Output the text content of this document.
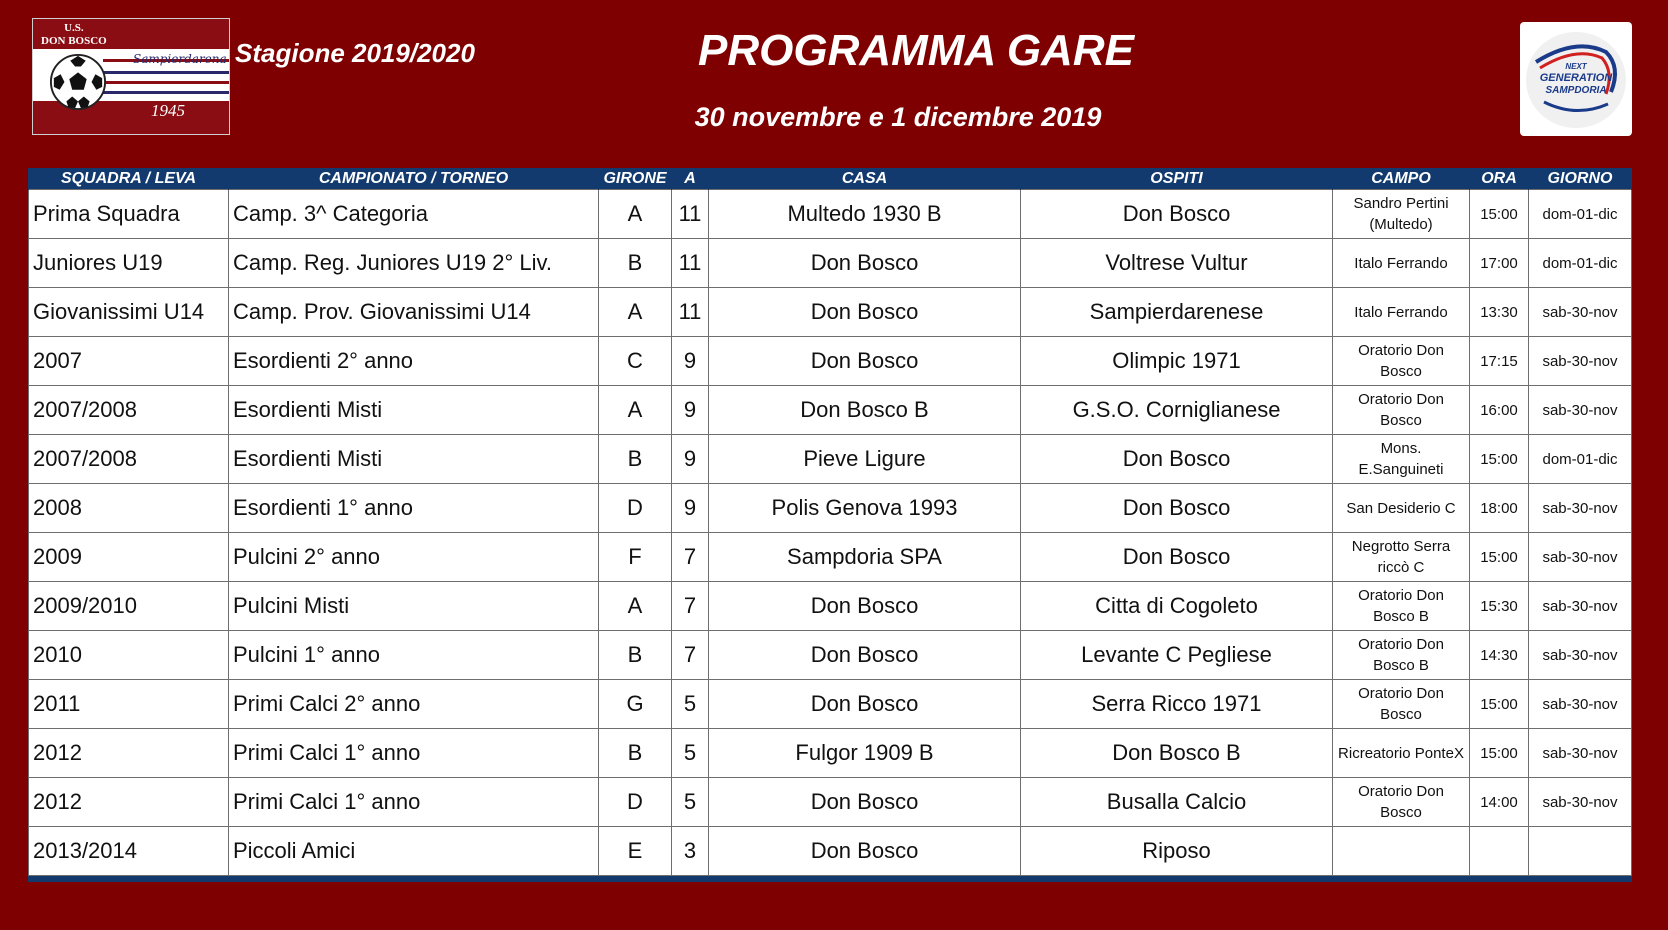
U.S.
DON BOSCO
Sampierdarena
1945
Stagione 2019/2020	PROGRAMMA GARE
30 novembre e 1 dicembre 2019
NEXT
GENERATION
SAMPDORIA
SQUADRA / LEVA	CAMPIONATO / TORNEO	GIRONE	A	CASA	OSPITI	CAMPO	ORA	GIORNO
Prima Squadra	Camp. 3^ Categoria	A	11	Multedo 1930 B	Don Bosco	Sandro Pertini (Multedo)	15:00	dom-01-dic
Juniores U19	Camp. Reg. Juniores U19 2° Liv.	B	11	Don Bosco	Voltrese Vultur	Italo Ferrando	17:00	dom-01-dic
Giovanissimi U14	Camp. Prov. Giovanissimi U14	A	11	Don Bosco	Sampierdarenese	Italo Ferrando	13:30	sab-30-nov
2007	Esordienti 2° anno	C	9	Don Bosco	Olimpic 1971	Oratorio Don Bosco	17:15	sab-30-nov
2007/2008	Esordienti Misti	A	9	Don Bosco B	G.S.O. Corniglianese	Oratorio Don Bosco	16:00	sab-30-nov
2007/2008	Esordienti Misti	B	9	Pieve Ligure	Don Bosco	Mons. E.Sanguineti	15:00	dom-01-dic
2008	Esordienti 1° anno	D	9	Polis Genova 1993	Don Bosco	San Desiderio C	18:00	sab-30-nov
2009	Pulcini 2° anno	F	7	Sampdoria SPA	Don Bosco	Negrotto Serra riccò C	15:00	sab-30-nov
2009/2010	Pulcini Misti	A	7	Don Bosco	Citta di Cogoleto	Oratorio Don Bosco B	15:30	sab-30-nov
2010	Pulcini 1° anno	B	7	Don Bosco	Levante C Pegliese	Oratorio Don Bosco B	14:30	sab-30-nov
2011	Primi Calci 2° anno	G	5	Don Bosco	Serra Ricco 1971	Oratorio Don Bosco	15:00	sab-30-nov
2012	Primi Calci 1° anno	B	5	Fulgor 1909 B	Don Bosco B	Ricreatorio PonteX	15:00	sab-30-nov
2012	Primi Calci 1° anno	D	5	Don Bosco	Busalla Calcio	Oratorio Don Bosco	14:00	sab-30-nov
2013/2014	Piccoli Amici	E	3	Don Bosco	Riposo			
